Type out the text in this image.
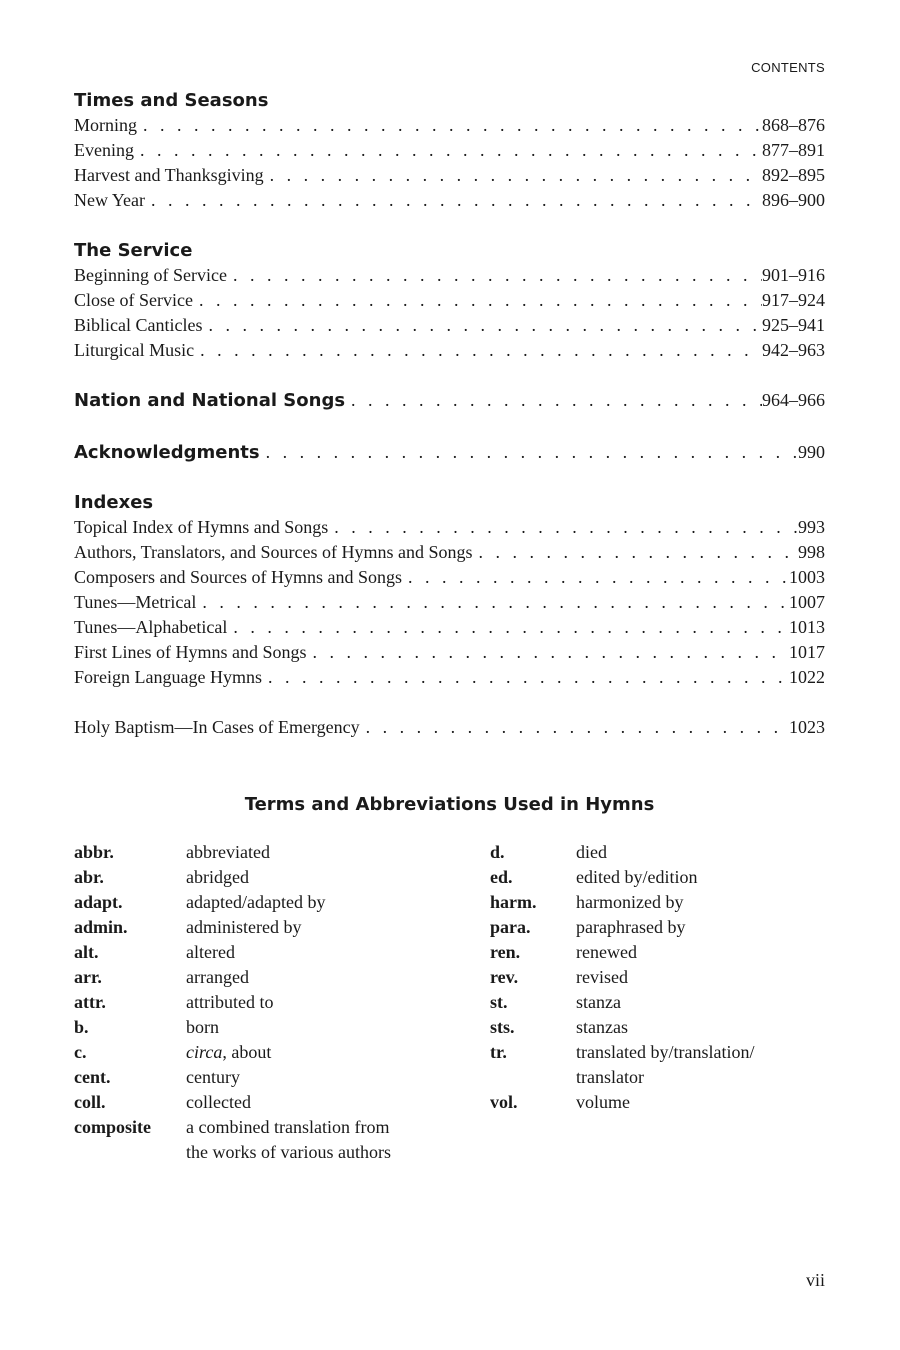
CONTENTS
Times and Seasons
Morning . . .	868–876
Evening . . .	877–891
Harvest and Thanksgiving . . .	892–895
New Year . . .	896–900
The Service
Beginning of Service . . .	901–916
Close of Service . . .	917–924
Biblical Canticles . . .	925–941
Liturgical Music . . .	942–963
Nation and National Songs . . .	964–966
Acknowledgments . . .	990
Indexes
Topical Index of Hymns and Songs . . .	993
Authors, Translators, and Sources of Hymns and Songs . . .	998
Composers and Sources of Hymns and Songs . . .	1003
Tunes—Metrical . . .	1007
Tunes—Alphabetical . . .	1013
First Lines of Hymns and Songs . . .	1017
Foreign Language Hymns . . .	1022
Holy Baptism—In Cases of Emergency . . .	1023
Terms and Abbreviations Used in Hymns
abbr.	abbreviated
abr.	abridged
adapt.	adapted/adapted by
admin.	administered by
alt.	altered
arr.	arranged
attr.	attributed to
b.	born
c.	circa, about
cent.	century
coll.	collected
composite	a combined translation from
the works of various authors
d.	died
ed.	edited by/edition
harm.	harmonized by
para.	paraphrased by
ren.	renewed
rev.	revised
st.	stanza
sts.	stanzas
tr.	translated by/translation/
translator
vol.	volume
vii
